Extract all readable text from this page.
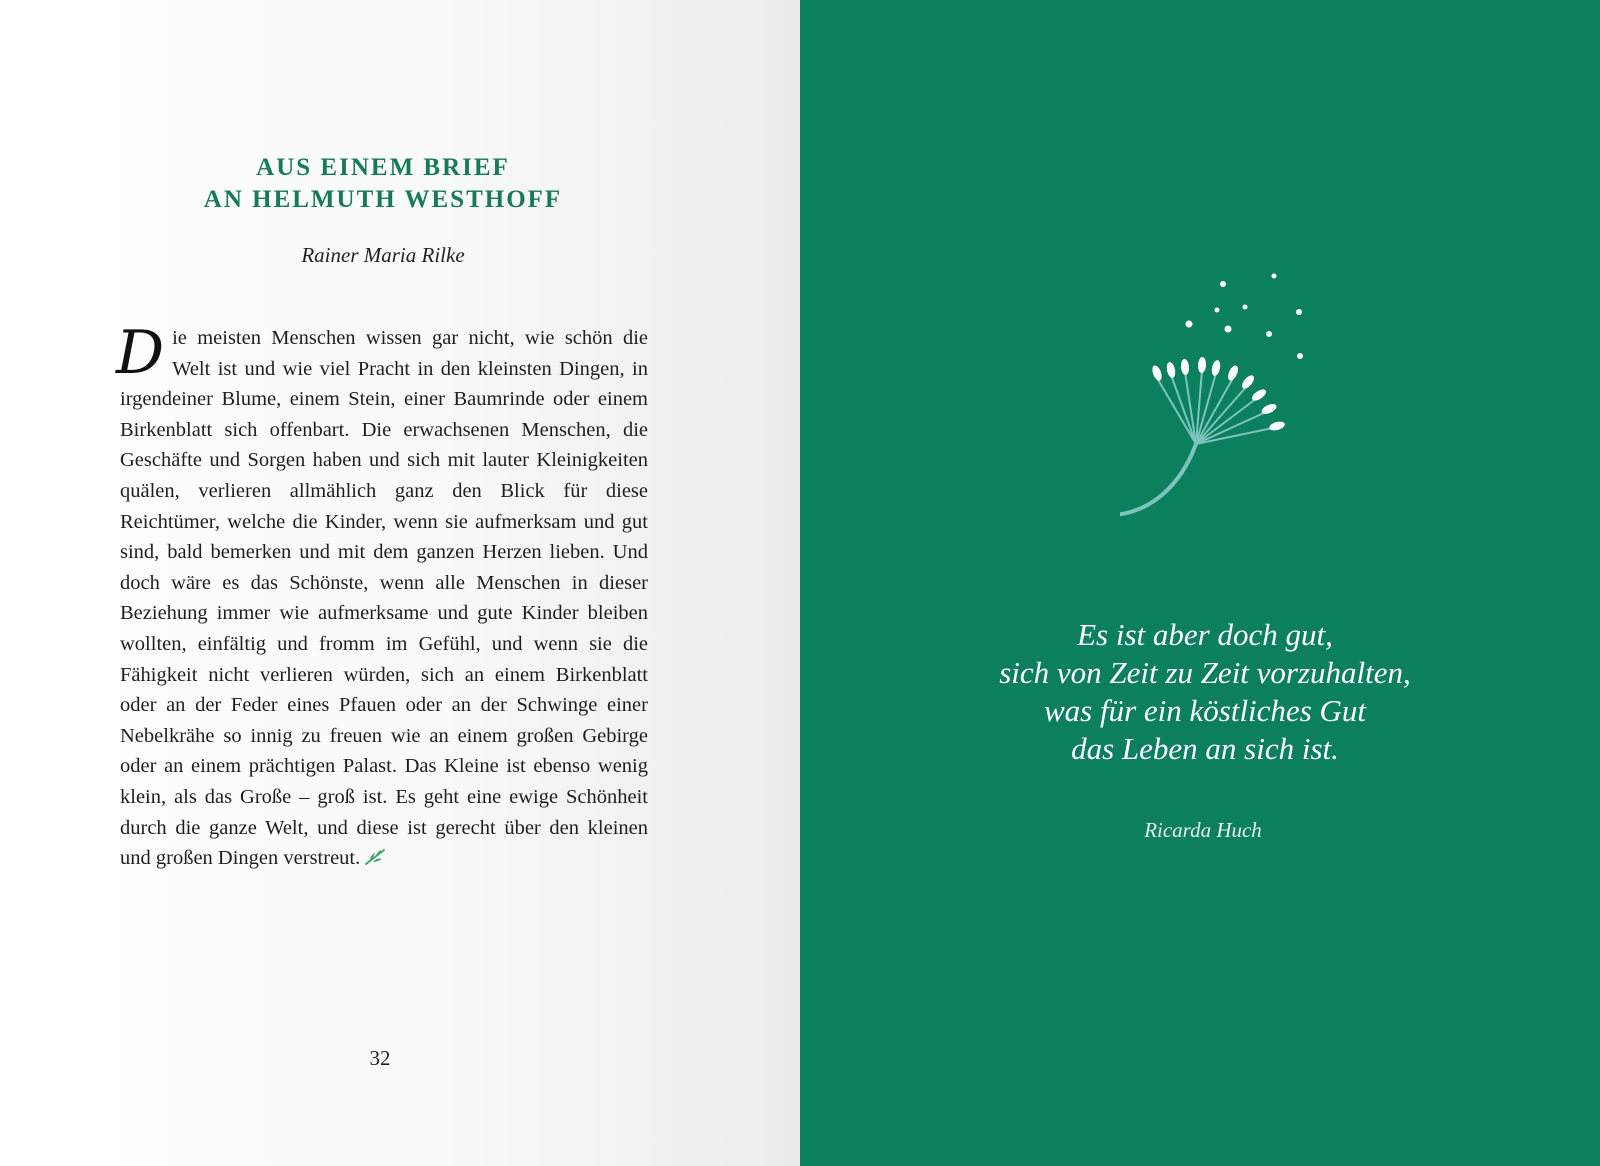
AUS EINEM BRIEF
AN HELMUTH WESTHOFF
Rainer Maria Rilke

Die meisten Menschen wissen gar nicht, wie schön die Welt ist und wie viel Pracht in den kleinsten Dingen, in irgendeiner Blume, einem Stein, einer Baumrinde oder einem Birkenblatt sich offenbart. Die erwachsenen Menschen, die Geschäfte und Sorgen haben und sich mit lauter Kleinigkeiten quälen, verlieren allmählich ganz den Blick für diese Reichtümer, welche die Kinder, wenn sie aufmerksam und gut sind, bald bemerken und mit dem ganzen Herzen lieben. Und doch wäre es das Schönste, wenn alle Menschen in dieser Beziehung immer wie aufmerksame und gute Kinder bleiben wollten, einfältig und fromm im Gefühl, und wenn sie die Fähigkeit nicht verlieren würden, sich an einem Birkenblatt oder an der Feder eines Pfauen oder an der Schwinge einer Nebelkrähe so innig zu freuen wie an einem großen Gebirge oder an einem prächtigen Palast. Das Kleine ist ebenso wenig klein, als das Große – groß ist. Es geht eine ewige Schönheit durch die ganze Welt, und diese ist gerecht über den kleinen und großen Dingen verstreut.

32

Es ist aber doch gut,
sich von Zeit zu Zeit vorzuhalten,
was für ein köstliches Gut
das Leben an sich ist.

Ricarda Huch
